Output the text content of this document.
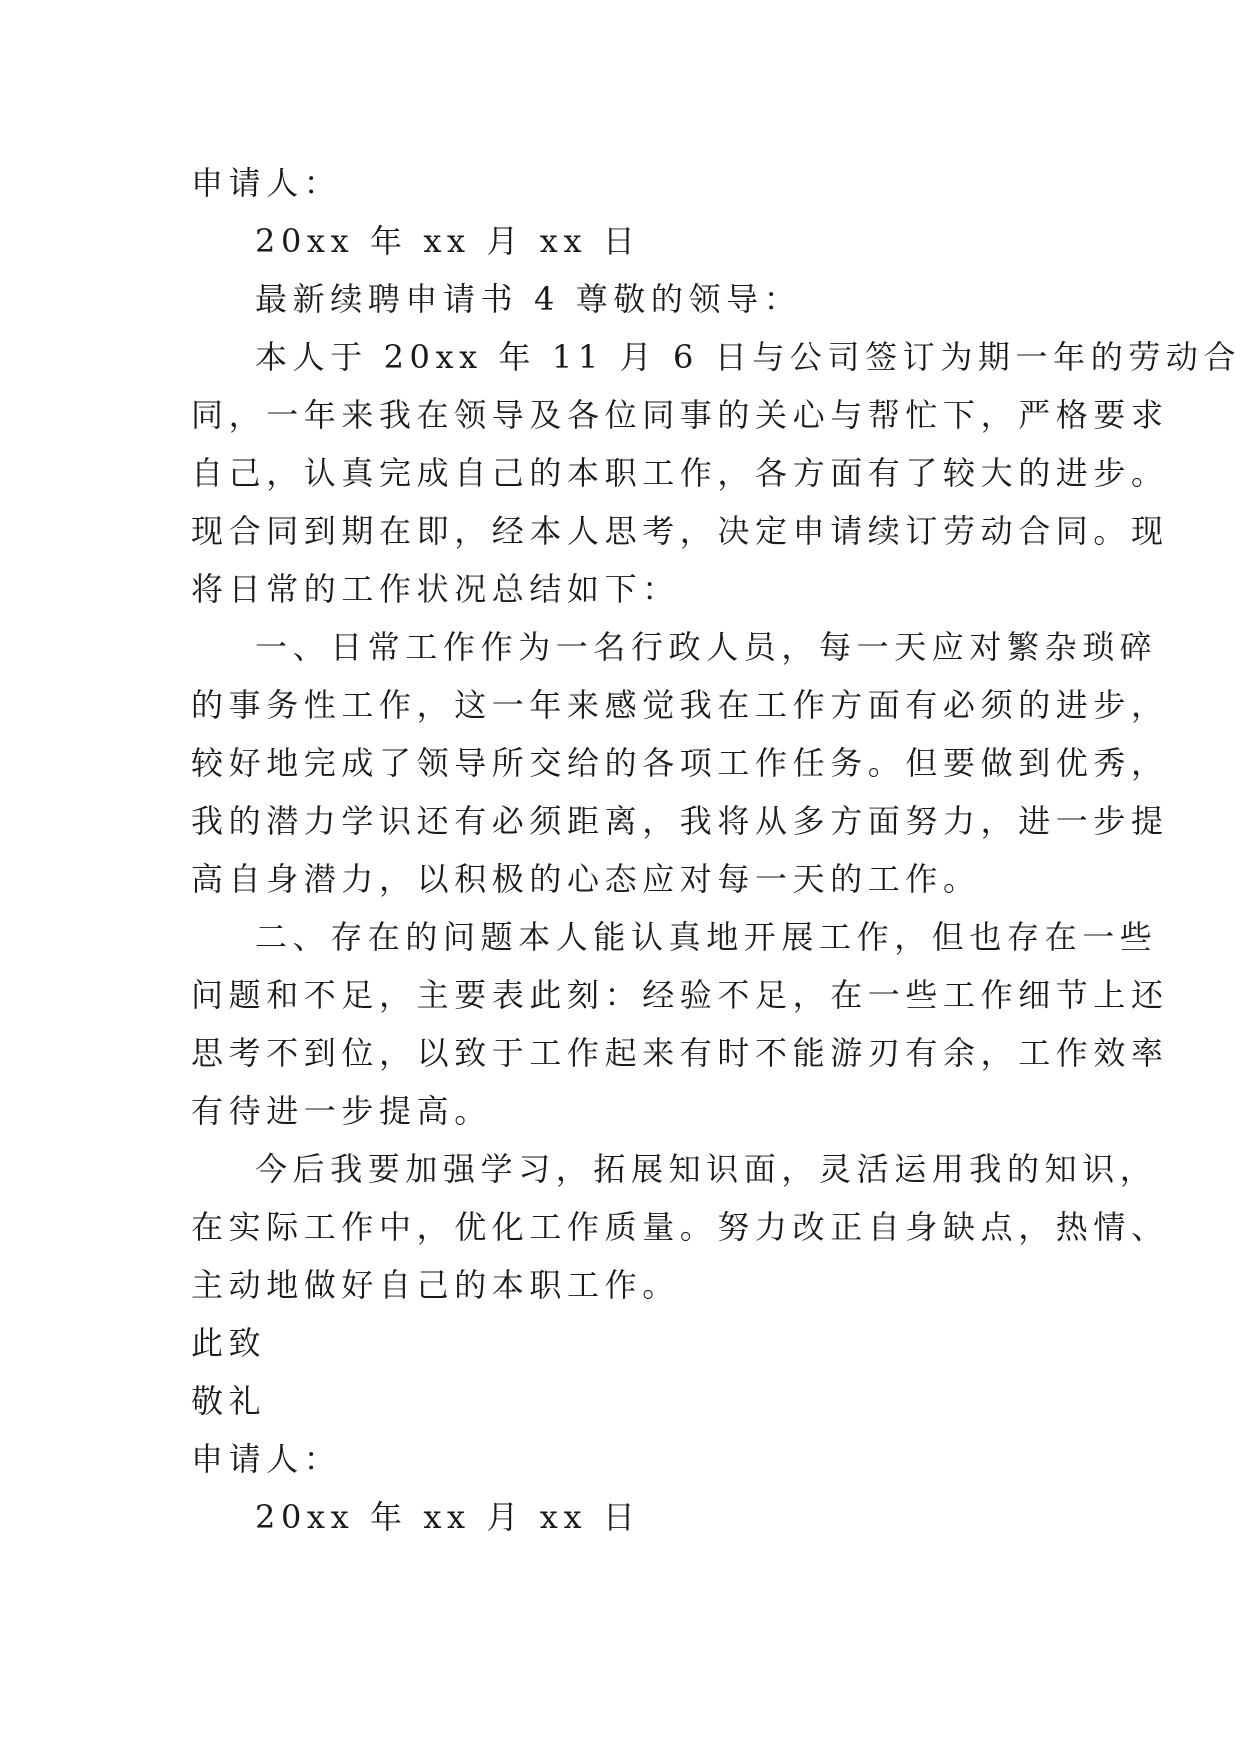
申请人：
20xx 年 xx 月 xx 日
最新续聘申请书 4 尊敬的领导：
本人于 20xx 年 11 月 6 日与公司签订为期一年的劳动合
同，一年来我在领导及各位同事的关心与帮忙下，严格要求
自己，认真完成自己的本职工作，各方面有了较大的进步。
现合同到期在即，经本人思考，决定申请续订劳动合同。现
将日常的工作状况总结如下：
一、日常工作作为一名行政人员，每一天应对繁杂琐碎
的事务性工作，这一年来感觉我在工作方面有必须的进步，
较好地完成了领导所交给的各项工作任务。但要做到优秀，
我的潜力学识还有必须距离，我将从多方面努力，进一步提
高自身潜力，以积极的心态应对每一天的工作。
二、存在的问题本人能认真地开展工作，但也存在一些
问题和不足，主要表此刻：经验不足，在一些工作细节上还
思考不到位，以致于工作起来有时不能游刃有余，工作效率
有待进一步提高。
今后我要加强学习，拓展知识面，灵活运用我的知识，
在实际工作中，优化工作质量。努力改正自身缺点，热情、
主动地做好自己的本职工作。
此致
敬礼
申请人：
20xx 年 xx 月 xx 日
